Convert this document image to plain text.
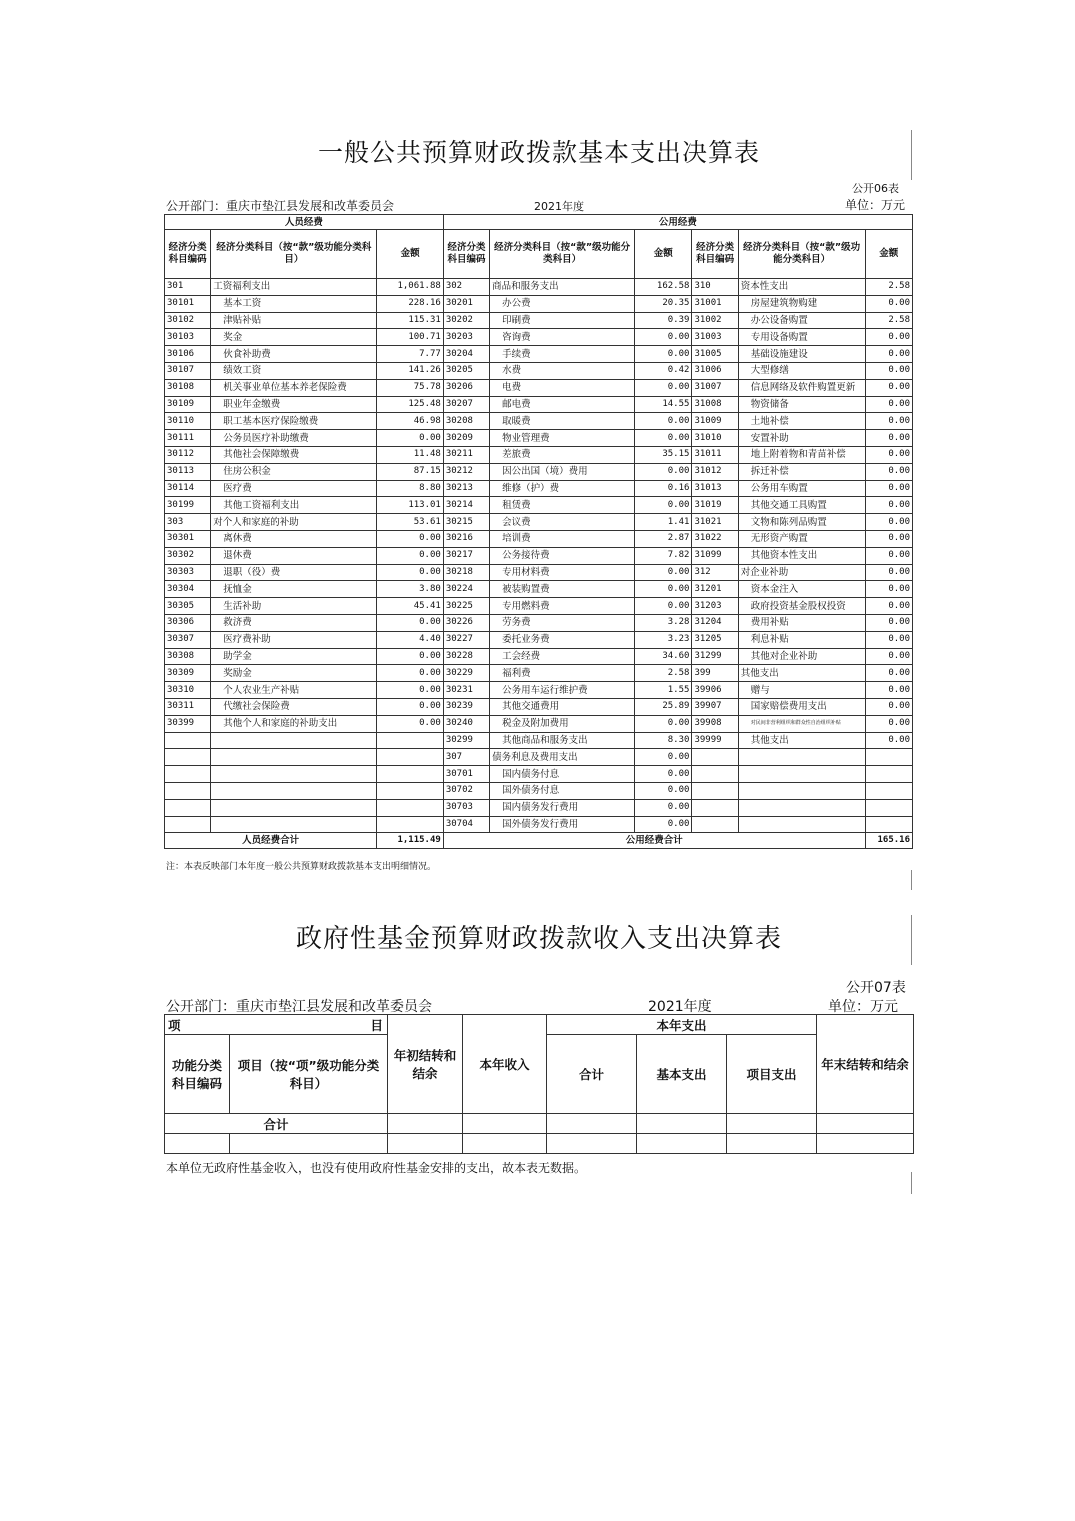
一般公共预算财政拨款基本支出决算表
公开06表
公开部门：重庆市垫江县发展和改革委员会	2021年度	单位：万元
人员经费			公用经费					
经济分类科目编码	经济分类科目（按“款”级功能分类科目）	金额	经济分类科目编码	经济分类科目（按“款”级功能分类科目）	金额	经济分类科目编码	经济分类科目（按“款”级功能分类科目）	金额
301	工资福利支出	1,061.88	302	商品和服务支出	162.58	310	资本性支出	2.58
30101	基本工资	228.16	30201	办公费	20.35	31001	房屋建筑物购建	0.00
30102	津贴补贴	115.31	30202	印刷费	0.39	31002	办公设备购置	2.58
30103	奖金	100.71	30203	咨询费	0.00	31003	专用设备购置	0.00
30106	伙食补助费	7.77	30204	手续费	0.00	31005	基础设施建设	0.00
30107	绩效工资	141.26	30205	水费	0.42	31006	大型修缮	0.00
30108	机关事业单位基本养老保险费	75.78	30206	电费	0.00	31007	信息网络及软件购置更新	0.00
30109	职业年金缴费	125.48	30207	邮电费	14.55	31008	物资储备	0.00
30110	职工基本医疗保险缴费	46.98	30208	取暖费	0.00	31009	土地补偿	0.00
30111	公务员医疗补助缴费	0.00	30209	物业管理费	0.00	31010	安置补助	0.00
30112	其他社会保障缴费	11.48	30211	差旅费	35.15	31011	地上附着物和青苗补偿	0.00
30113	住房公积金	87.15	30212	因公出国（境）费用	0.00	31012	拆迁补偿	0.00
30114	医疗费	8.80	30213	维修（护）费	0.16	31013	公务用车购置	0.00
30199	其他工资福利支出	113.01	30214	租赁费	0.00	31019	其他交通工具购置	0.00
303	对个人和家庭的补助	53.61	30215	会议费	1.41	31021	文物和陈列品购置	0.00
30301	离休费	0.00	30216	培训费	2.87	31022	无形资产购置	0.00
30302	退休费	0.00	30217	公务接待费	7.82	31099	其他资本性支出	0.00
30303	退职（役）费	0.00	30218	专用材料费	0.00	312	对企业补助	0.00
30304	抚恤金	3.80	30224	被装购置费	0.00	31201	资本金注入	0.00
30305	生活补助	45.41	30225	专用燃料费	0.00	31203	政府投资基金股权投资	0.00
30306	救济费	0.00	30226	劳务费	3.28	31204	费用补贴	0.00
30307	医疗费补助	4.40	30227	委托业务费	3.23	31205	利息补贴	0.00
30308	助学金	0.00	30228	工会经费	34.60	31299	其他对企业补助	0.00
30309	奖励金	0.00	30229	福利费	2.58	399	其他支出	0.00
30310	个人农业生产补贴	0.00	30231	公务用车运行维护费	1.55	39906	赠与	0.00
30311	代缴社会保险费	0.00	30239	其他交通费用	25.89	39907	国家赔偿费用支出	0.00
30399	其他个人和家庭的补助支出	0.00	30240	税金及附加费用	0.00	39908	对民间非营利组织和群众性自治组织补贴	0.00
			30299	其他商品和服务支出	8.30	39999	其他支出	0.00
			307	债务利息及费用支出	0.00			
			30701	国内债务付息	0.00			
			30702	国外债务付息	0.00			
			30703	国内债务发行费用	0.00			
			30704	国外债务发行费用	0.00			
人员经费合计		1,115.49	公用经费合计					165.16
注：本表反映部门本年度一般公共预算财政拨款基本支出明细情况。
政府性基金预算财政拨款收入支出决算表
公开07表
公开部门：重庆市垫江县发展和改革委员会	2021年度	单位：万元
项 目		年初结转和结余	本年收入	本年支出			年末结转和结余
功能分类科目编码	项目（按“项”级功能分类科目）			合计	基本支出	项目支出	
合计							

本单位无政府性基金收入，也没有使用政府性基金安排的支出，故本表无数据。
